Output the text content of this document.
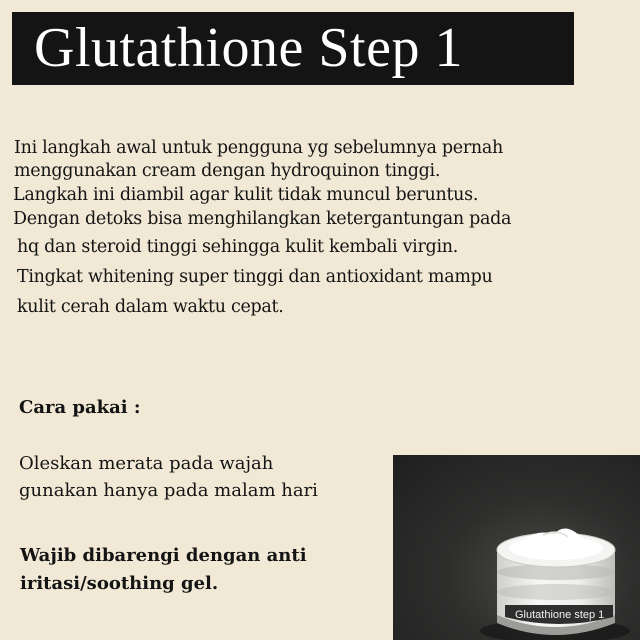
Glutathione Step 1
Ini langkah awal untuk pengguna yg sebelumnya pernah
menggunakan cream dengan hydroquinon tinggi.
Langkah ini diambil agar kulit tidak muncul beruntus.
Dengan detoks bisa menghilangkan ketergantungan pada
hq dan steroid tinggi sehingga kulit kembali virgin.
Tingkat whitening super tinggi dan antioxidant mampu
kulit cerah dalam waktu cepat.
Cara pakai :
Oleskan merata pada wajah
gunakan hanya pada malam hari
Wajib dibarengi dengan anti
iritasi/soothing gel.
Glutathione step 1
